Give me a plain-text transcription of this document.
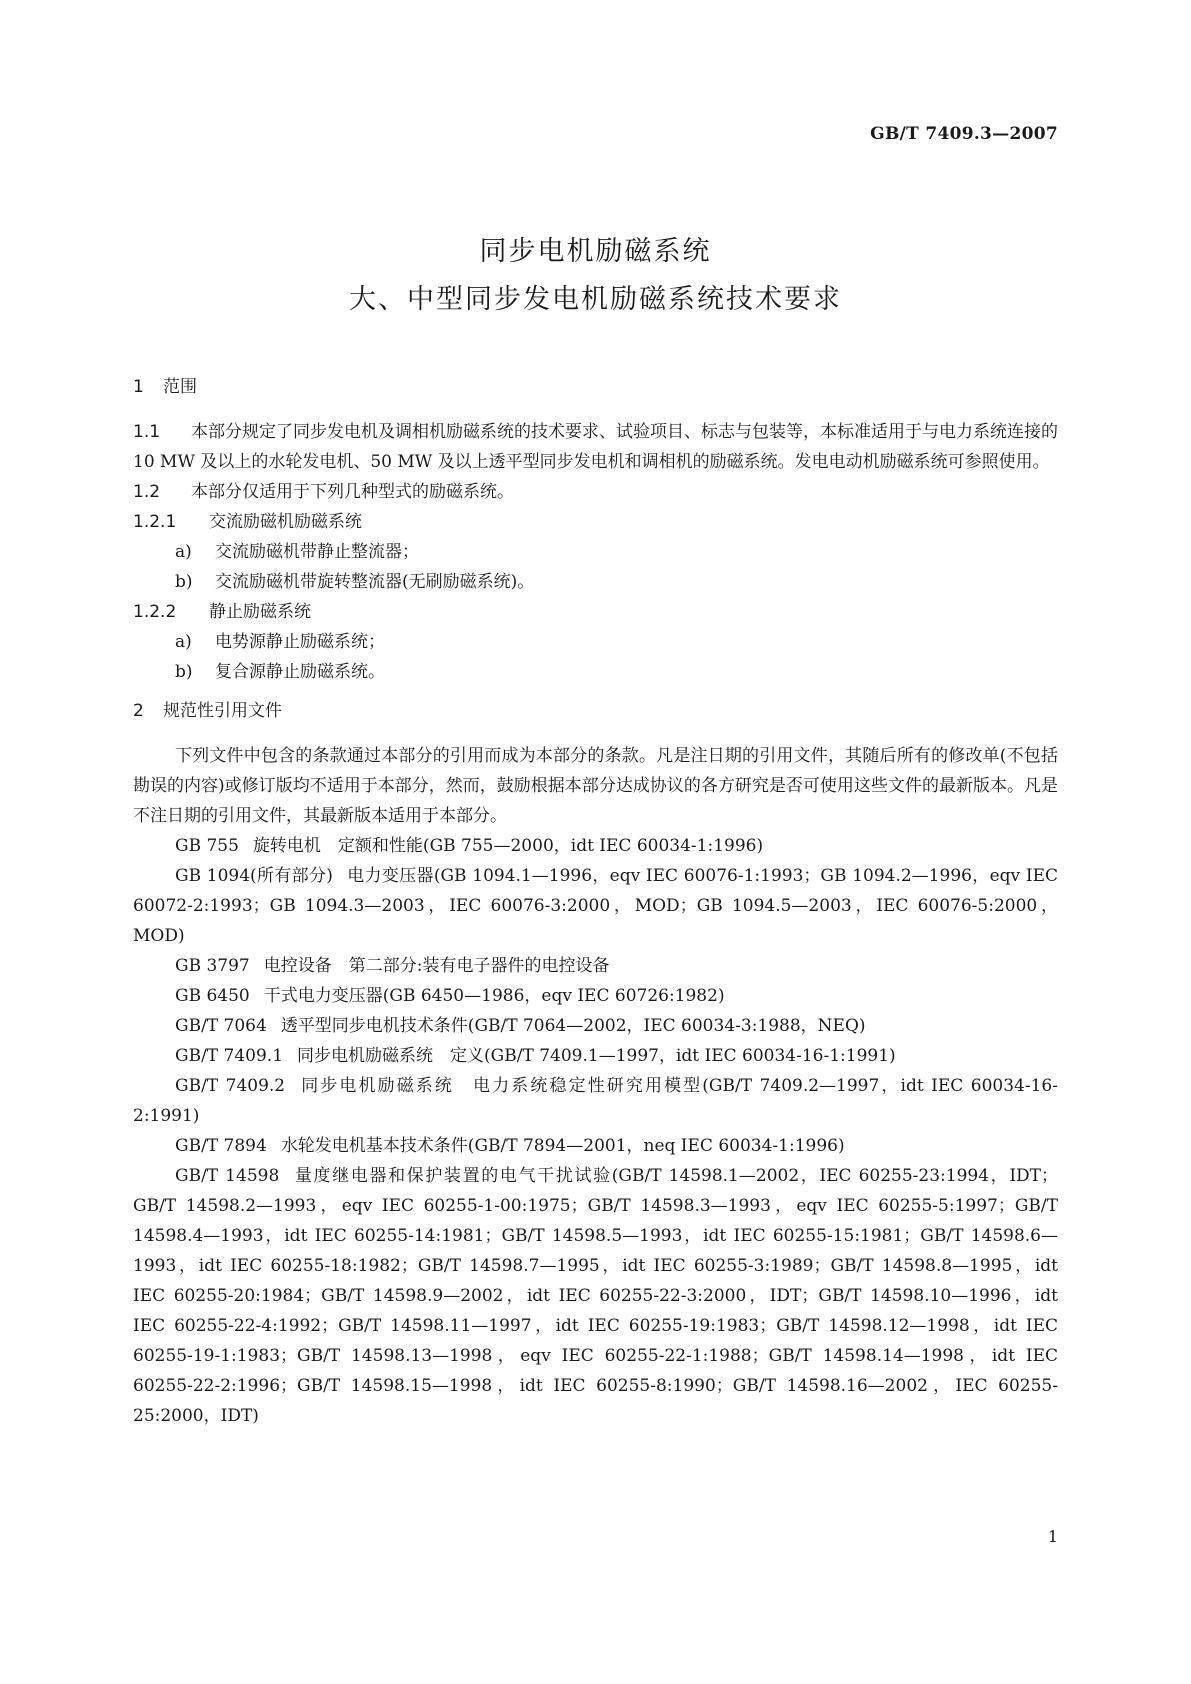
GB/T 7409.3—2007
同步电机励磁系统
大、中型同步发电机励磁系统技术要求
1 范围
1.1 本部分规定了同步发电机及调相机励磁系统的技术要求、试验项目、标志与包装等，本标准适用于与电力系统连接的 10 MW 及以上的水轮发电机、50 MW 及以上透平型同步发电机和调相机的励磁系统。发电电动机励磁系统可参照使用。
1.2 本部分仅适用于下列几种型式的励磁系统。
1.2.1 交流励磁机励磁系统
a) 交流励磁机带静止整流器；
b) 交流励磁机带旋转整流器(无刷励磁系统)。
1.2.2 静止励磁系统
a) 电势源静止励磁系统；
b) 复合源静止励磁系统。
2 规范性引用文件
下列文件中包含的条款通过本部分的引用而成为本部分的条款。凡是注日期的引用文件，其随后所有的修改单(不包括勘误的内容)或修订版均不适用于本部分，然而，鼓励根据本部分达成协议的各方研究是否可使用这些文件的最新版本。凡是不注日期的引用文件，其最新版本适用于本部分。
GB 755 旋转电机　定额和性能(GB 755—2000，idt IEC 60034-1:1996)
GB 1094(所有部分) 电力变压器(GB 1094.1—1996，eqv IEC 60076-1:1993；GB 1094.2—1996，eqv IEC 60072-2:1993；GB 1094.3—2003，IEC 60076-3:2000，MOD；GB 1094.5—2003，IEC 60076-5:2000，MOD)
GB 3797 电控设备　第二部分:装有电子器件的电控设备
GB 6450 干式电力变压器(GB 6450—1986，eqv IEC 60726:1982)
GB/T 7064 透平型同步电机技术条件(GB/T 7064—2002，IEC 60034-3:1988，NEQ)
GB/T 7409.1 同步电机励磁系统　定义(GB/T 7409.1—1997，idt IEC 60034-16-1:1991)
GB/T 7409.2 同步电机励磁系统　电力系统稳定性研究用模型(GB/T 7409.2—1997，idt IEC 60034-16-2:1991)
GB/T 7894 水轮发电机基本技术条件(GB/T 7894—2001，neq IEC 60034-1:1996)
GB/T 14598 量度继电器和保护装置的电气干扰试验(GB/T 14598.1—2002，IEC 60255-23:1994，IDT；GB/T 14598.2—1993，eqv IEC 60255-1-00:1975；GB/T 14598.3—1993，eqv IEC 60255-5:1997；GB/T 14598.4—1993，idt IEC 60255-14:1981；GB/T 14598.5—1993，idt IEC 60255-15:1981；GB/T 14598.6—1993，idt IEC 60255-18:1982；GB/T 14598.7—1995，idt IEC 60255-3:1989；GB/T 14598.8—1995，idt IEC 60255-20:1984；GB/T 14598.9—2002，idt IEC 60255-22-3:2000，IDT；GB/T 14598.10—1996，idt IEC 60255-22-4:1992；GB/T 14598.11—1997，idt IEC 60255-19:1983；GB/T 14598.12—1998，idt IEC 60255-19-1:1983；GB/T 14598.13—1998，eqv IEC 60255-22-1:1988；GB/T 14598.14—1998，idt IEC 60255-22-2:1996；GB/T 14598.15—1998，idt IEC 60255-8:1990；GB/T 14598.16—2002，IEC 60255-25:2000，IDT)
1
